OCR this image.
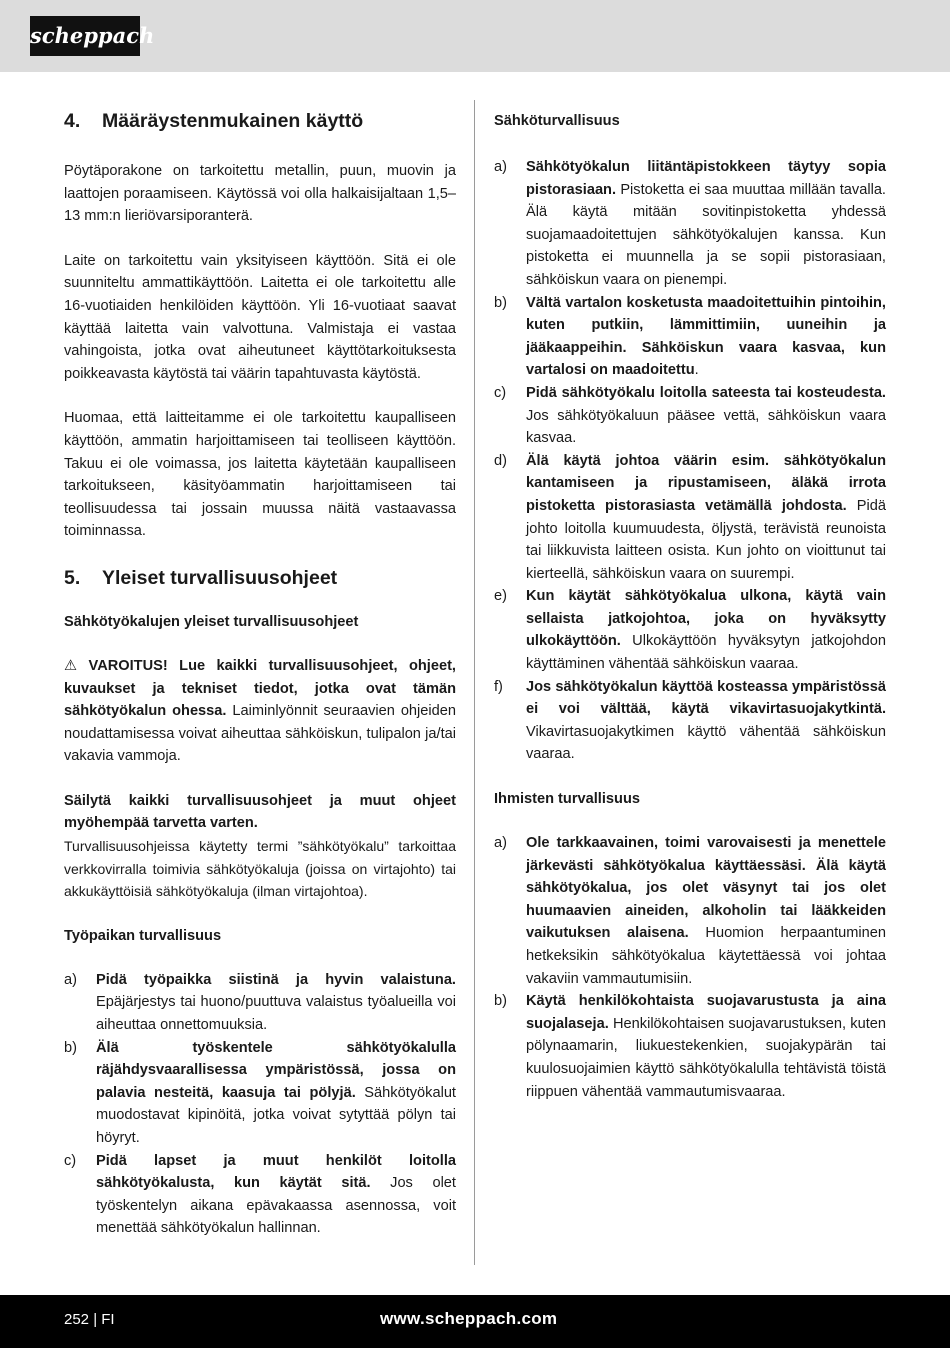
scheppach
4.	Määräystenmukainen käyttö

Pöytäporakone on tarkoitettu metallin, puun, muovin ja laattojen poraamiseen. Käytössä voi olla halkaisijaltaan 1,5–13 mm:n lieriövarsiporanterä.

Laite on tarkoitettu vain yksityiseen käyttöön. Sitä ei ole suunniteltu ammattikäyttöön. Laitetta ei ole tarkoitettu alle 16-vuotiaiden henkilöiden käyttöön. Yli 16-vuotiaat saavat käyttää laitetta vain valvottuna. Valmistaja ei vastaa vahingoista, jotka ovat aiheutuneet käyttötarkoituksesta poikkeavasta käytöstä tai väärin tapahtuvasta käytöstä.

Huomaa, että laitteitamme ei ole tarkoitettu kaupalliseen käyttöön, ammatin harjoittamiseen tai teolliseen käyttöön. Takuu ei ole voimassa, jos laitetta käytetään kaupalliseen tarkoitukseen, käsityöammatin harjoittamiseen tai teollisuudessa tai jossain muussa näitä vastaavassa toiminnassa.

5.	Yleiset turvallisuusohjeet
Sähkötyökalujen yleiset turvallisuusohjeet

⚠ VAROITUS! Lue kaikki turvallisuusohjeet, ohjeet, kuvaukset ja tekniset tiedot, jotka ovat tämän sähkötyökalun ohessa. Laiminlyönnit seuraavien ohjeiden noudattamisessa voivat aiheuttaa sähköiskun, tulipalon ja/tai vakavia vammoja.

Säilytä kaikki turvallisuusohjeet ja muut ohjeet myöhempää tarvetta varten.

Turvallisuusohjeissa käytetty termi ”sähkötyökalu” tarkoittaa verkkovirralla toimivia sähkötyökaluja (joissa on virtajohto) tai akkukäyttöisiä sähkötyökaluja (ilman virtajohtoa).

Työpaikan turvallisuus
a)	Pidä työpaikka siistinä ja hyvin valaistuna. Epäjärjestys tai huono/puuttuva valaistus työalueilla voi aiheuttaa onnettomuuksia.
b)	Älä työskentele sähkötyökalulla räjähdysvaarallisessa ympäristössä, jossa on palavia nesteitä, kaasuja tai pölyjä. Sähkötyökalut muodostavat kipinöitä, jotka voivat sytyttää pölyn tai höyryt.
c)	Pidä lapset ja muut henkilöt loitolla sähkötyökalusta, kun käytät sitä. Jos olet työskentelyn aikana epävakaassa asennossa, voit menettää sähkötyökalun hallinnan.
Sähköturvallisuus
a)	Sähkötyökalun liitäntäpistokkeen täytyy sopia pistorasiaan. Pistoketta ei saa muuttaa millään tavalla. Älä käytä mitään sovitinpistoketta yhdessä suojamaadoitettujen sähkötyökalujen kanssa. Kun pistoketta ei muunnella ja se sopii pistorasiaan, sähköiskun vaara on pienempi.
b)	Vältä vartalon kosketusta maadoitettuihin pintoihin, kuten putkiin, lämmittimiin, uuneihin ja jääkaappeihin. Sähköiskun vaara kasvaa, kun vartalosi on maadoitettu.
c)	Pidä sähkötyökalu loitolla sateesta tai kosteudesta. Jos sähkötyökaluun pääsee vettä, sähköiskun vaara kasvaa.
d)	Älä käytä johtoa väärin esim. sähkötyökalun kantamiseen ja ripustamiseen, äläkä irrota pistoketta pistorasiasta vetämällä johdosta. Pidä johto loitolla kuumuudesta, öljystä, terävistä reunoista tai liikkuvista laitteen osista. Kun johto on vioittunut tai kierteellä, sähköiskun vaara on suurempi.
e)	Kun käytät sähkötyökalua ulkona, käytä vain sellaista jatkojohtoa, joka on hyväksytty ulkokäyttöön. Ulkokäyttöön hyväksytyn jatkojohdon käyttäminen vähentää sähköiskun vaaraa.
f)	Jos sähkötyökalun käyttöä kosteassa ympäristössä ei voi välttää, käytä vikavirtasuojakytkintä. Vikavirtasuojakytkimen käyttö vähentää sähköiskun vaaraa.
Ihmisten turvallisuus
a)	Ole tarkkaavainen, toimi varovaisesti ja menettele järkevästi sähkötyökalua käyttäessäsi. Älä käytä sähkötyökalua, jos olet väsynyt tai jos olet huumaavien aineiden, alkoholin tai lääkkeiden vaikutuksen alaisena. Huomion herpaantuminen hetkeksikin sähkötyökalua käytettäessä voi johtaa vakaviin vammautumisiin.
b)	Käytä henkilökohtaista suojavarustusta ja aina suojalaseja. Henkilökohtaisen suojavarustuksen, kuten pölynaamarin, liukuestekenkien, suojakypärän tai kuulosuojaimien käyttö sähkötyökalulla tehtävistä töistä riippuen vähentää vammautumisvaaraa.
252 | FI	www.scheppach.com
